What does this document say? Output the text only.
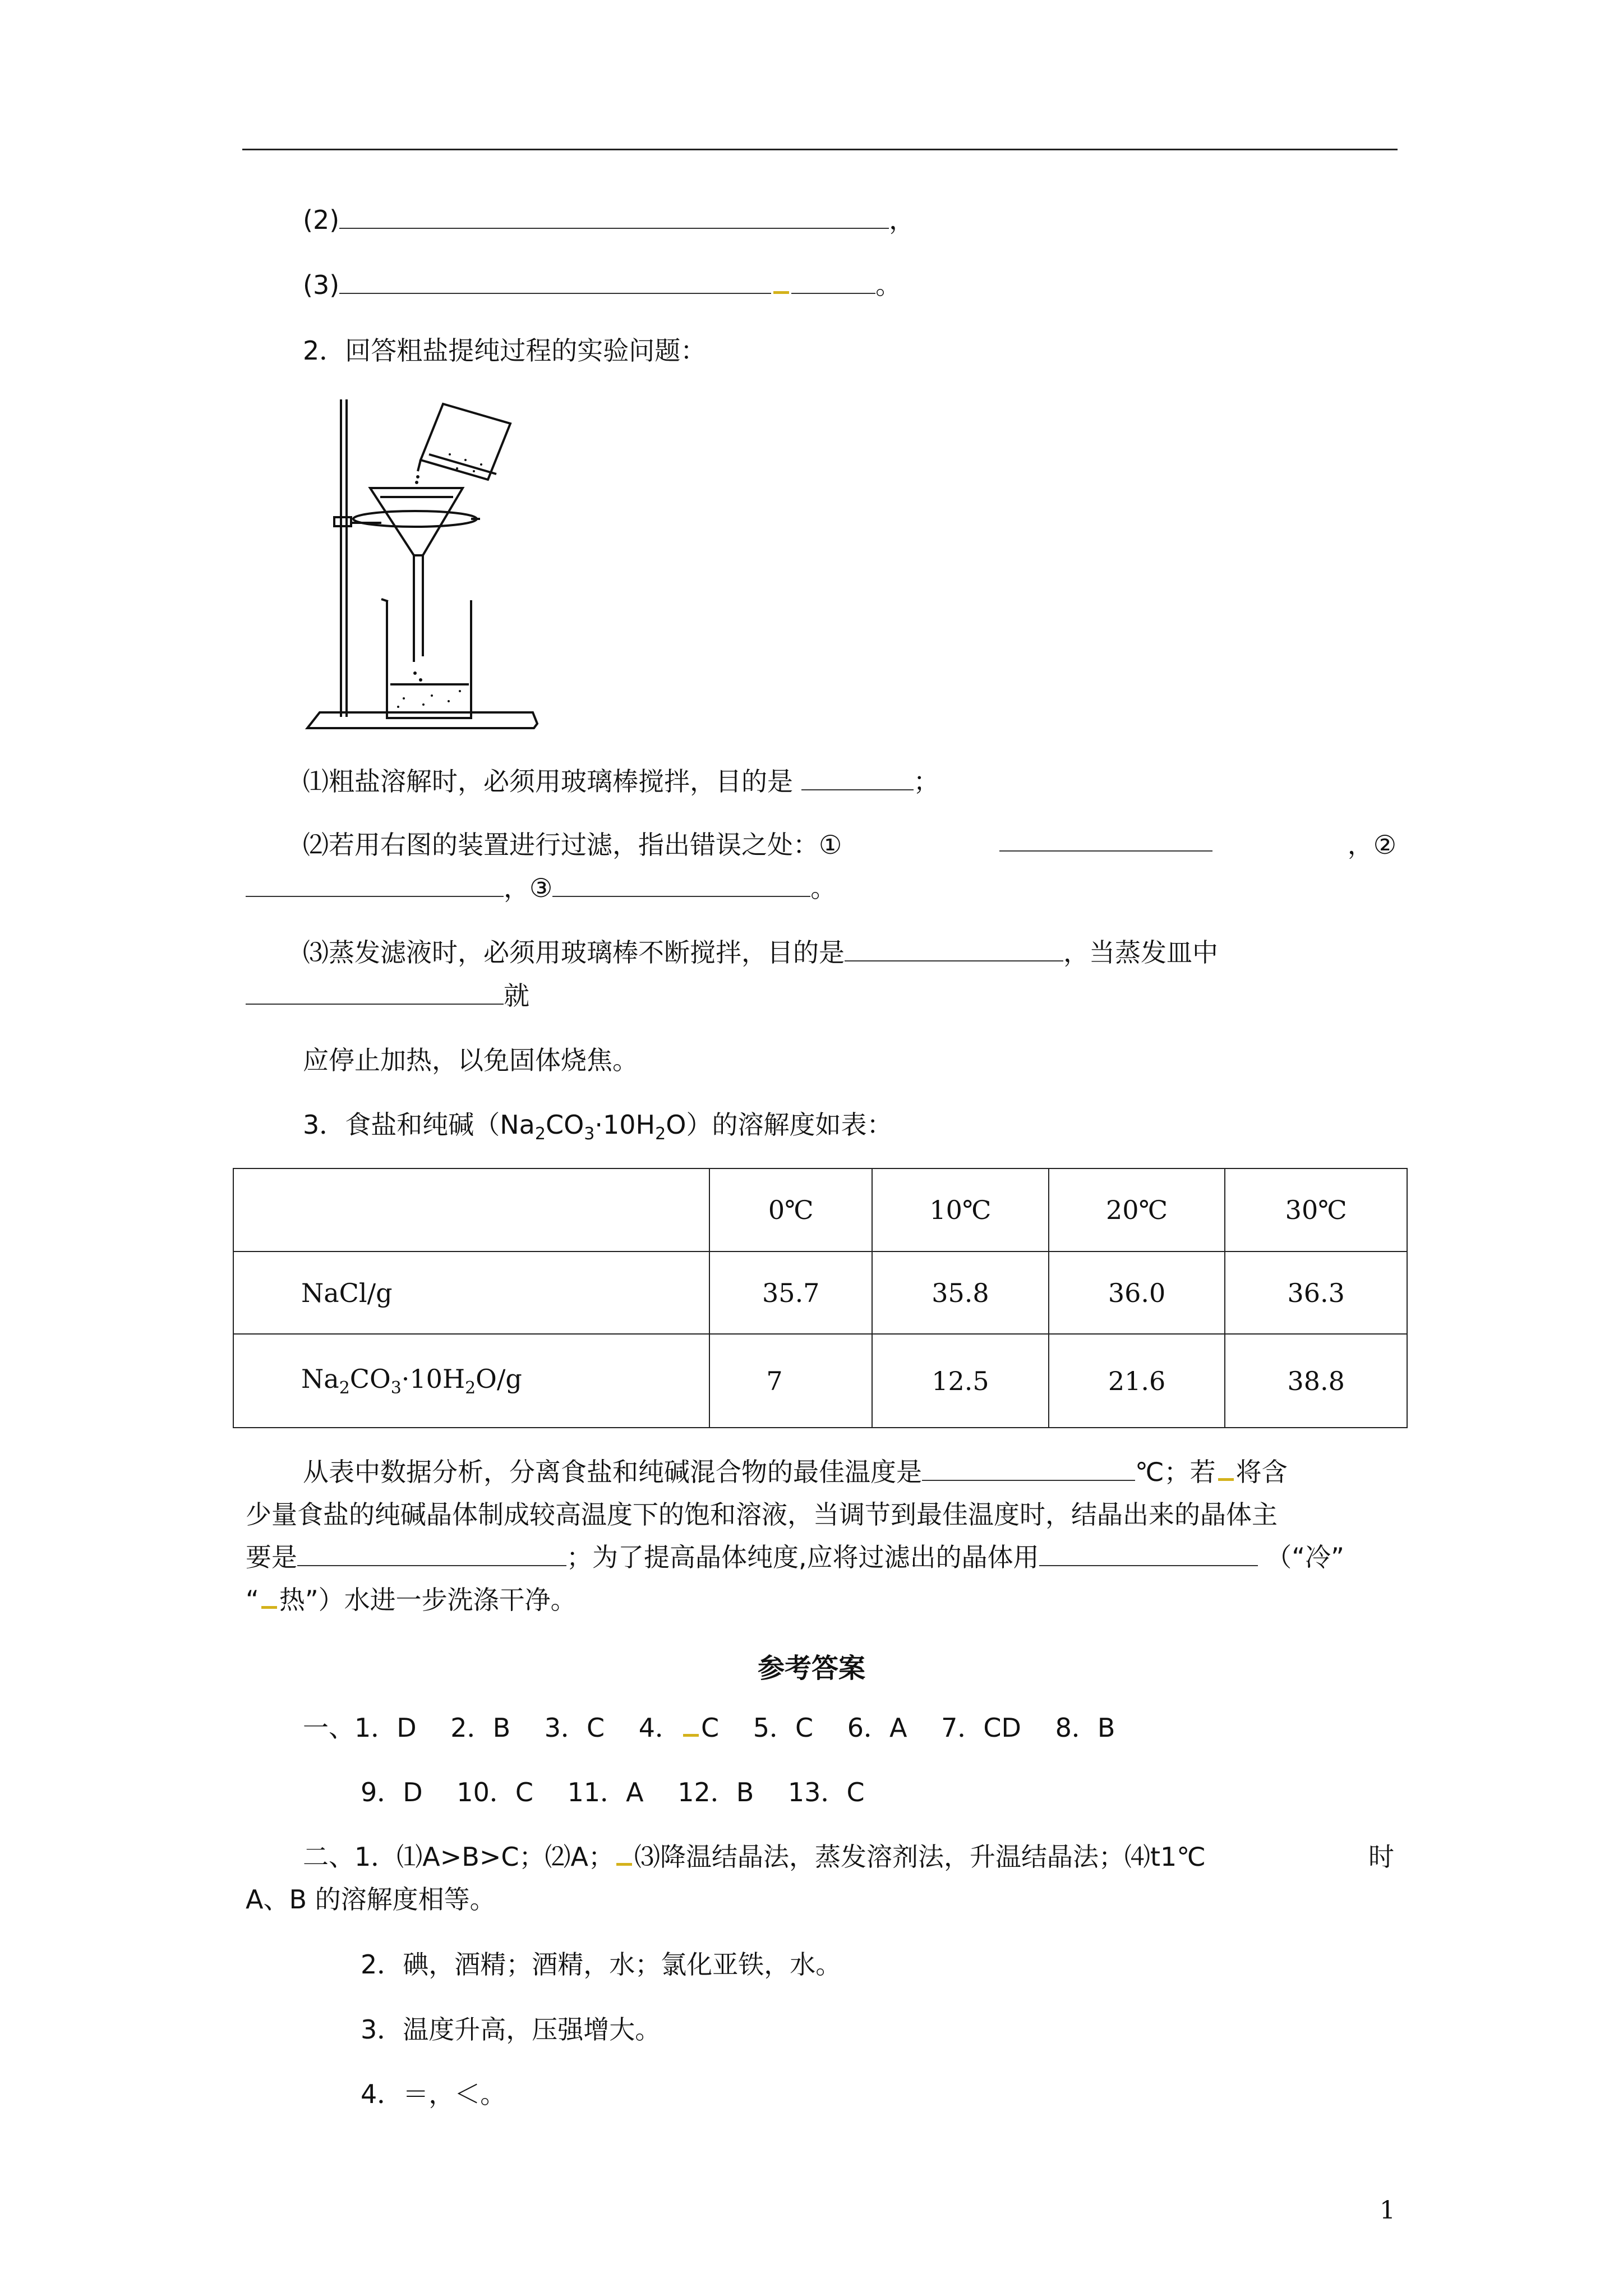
(2)	，
(3)	。
2．回答粗盐提纯过程的实验问题：
⑴粗盐溶解时，必须用玻璃棒搅拌，目的是	；
⑵若用右图的装置进行过滤，指出错误之处：①	，②
，③	。
⑶蒸发滤液时，必须用玻璃棒不断搅拌，目的是	，当蒸发皿中
就
应停止加热，以免固体烧焦。
3．食盐和纯碱$(Na_2CO_3\cdot 10H_2O)$的溶解度如表：
	0℃	10℃	20℃	30℃
NaCl/g	35.7	35.8	36.0	36.3
$Na_2CO_3\cdot 10H_2O/g$	7	12.5	21.6	38.8
从表中数据分析，分离食盐和纯碱混合物的最佳温度是	℃；若 将含
少量食盐的纯碱晶体制成较高温度下的饱和溶液，当调节到最佳温度时，结晶出来的晶体主
要是	；为了提高晶体纯度,应将过滤出的晶体用	（“冷”
“ 热”）水进一步洗涤干净。
参考答案
一、1．D　 2．B　 3．C　 4． C　 5．C　 6．A　 7．CD　 8．B
9．D　 10．C　 11．A　 12．B　 13．C
二、1．⑴A>B>C；⑵A； ⑶降温结晶法，蒸发溶剂法，升温结晶法；⑷t1℃	时
A、B 的溶解度相等。
2．碘，酒精；酒精，水；氯化亚铁，水。
3．温度升高，压强增大。
4．＝，＜。
1
